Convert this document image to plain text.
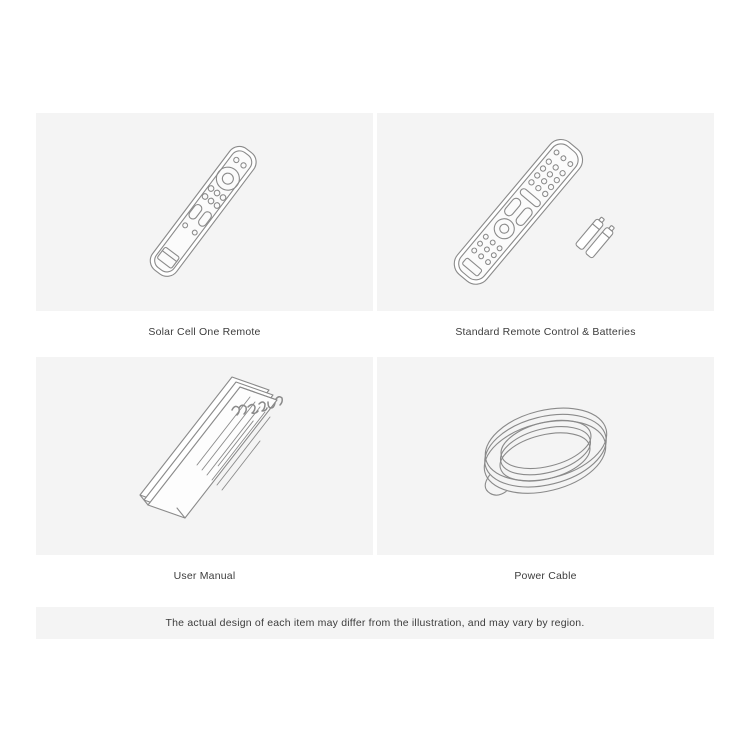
Solar Cell One Remote	Standard Remote Control & Batteries
User Manual	Power Cable
The actual design of each item may differ from the illustration, and may vary by region.
